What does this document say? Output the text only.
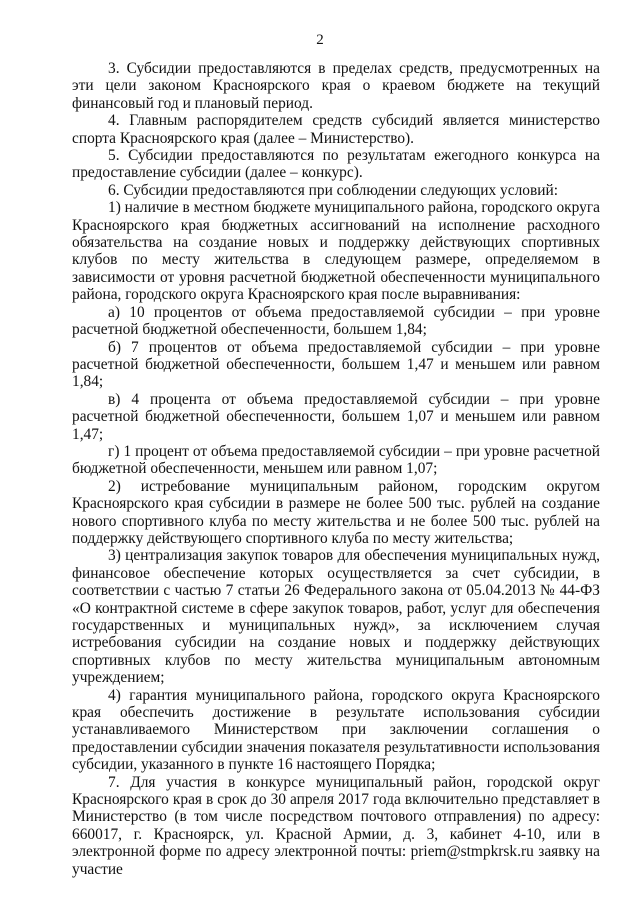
2

3. Субсидии предоставляются в пределах средств, предусмотренных на эти цели законом Красноярского края о краевом бюджете на текущий финансовый год и плановый период.

4. Главным распорядителем средств субсидий является министерство спорта Красноярского края (далее – Министерство).

5. Субсидии предоставляются по результатам ежегодного конкурса на предоставление субсидии (далее – конкурс).

6. Субсидии предоставляются при соблюдении следующих условий:

1) наличие в местном бюджете муниципального района, городского округа Красноярского края бюджетных ассигнований на исполнение расходного обязательства на создание новых и поддержку действующих спортивных клубов по месту жительства в следующем размере, определяемом в зависимости от уровня расчетной бюджетной обеспеченности муниципального района, городского округа Красноярского края после выравнивания:

а) 10 процентов от объема предоставляемой субсидии – при уровне расчетной бюджетной обеспеченности, большем 1,84;

б) 7 процентов от объема предоставляемой субсидии – при уровне расчетной бюджетной обеспеченности, большем 1,47 и меньшем или равном 1,84;

в) 4 процента от объема предоставляемой субсидии – при уровне расчетной бюджетной обеспеченности, большем 1,07 и меньшем или равном 1,47;

г) 1 процент от объема предоставляемой субсидии – при уровне расчетной бюджетной обеспеченности, меньшем или равном 1,07;

2) истребование муниципальным районом, городским округом Красноярского края субсидии в размере не более 500 тыс. рублей на создание нового спортивного клуба по месту жительства и не более 500 тыс. рублей на поддержку действующего спортивного клуба по месту жительства;

3) централизация закупок товаров для обеспечения муниципальных нужд, финансовое обеспечение которых осуществляется за счет субсидии, в соответствии с частью 7 статьи 26 Федерального закона от 05.04.2013 № 44-ФЗ «О контрактной системе в сфере закупок товаров, работ, услуг для обеспечения государственных и муниципальных нужд», за исключением случая истребования субсидии на создание новых и поддержку действующих спортивных клубов по месту жительства муниципальным автономным учреждением;

4) гарантия муниципального района, городского округа Красноярского края обеспечить достижение в результате использования субсидии устанавливаемого Министерством при заключении соглашения о предоставлении субсидии значения показателя результативности использования субсидии, указанного в пункте 16 настоящего Порядка;

7. Для участия в конкурсе муниципальный район, городской округ Красноярского края в срок до 30 апреля 2017 года включительно представляет в Министерство (в том числе посредством почтового отправления) по адресу: 660017, г. Красноярск, ул. Красной Армии, д. 3, кабинет 4-10, или в электронной форме по адресу электронной почты: priem@stmpkrsk.ru заявку на участие
